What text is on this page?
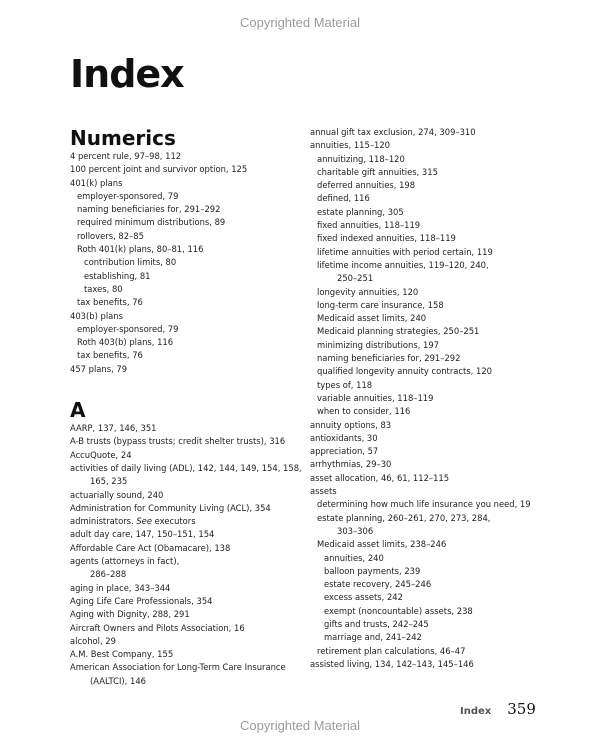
Copyrighted Material
Index
Numerics
4 percent rule, 97–98, 112
100 percent joint and survivor option, 125
401(k) plans
employer-sponsored, 79
naming beneficiaries for, 291–292
required minimum distributions, 89
rollovers, 82–85
Roth 401(k) plans, 80–81, 116
contribution limits, 80
establishing, 81
taxes, 80
tax benefits, 76
403(b) plans
employer-sponsored, 79
Roth 403(b) plans, 116
tax benefits, 76
457 plans, 79
A
AARP, 137, 146, 351
A-B trusts (bypass trusts; credit shelter trusts), 316
AccuQuote, 24
activities of daily living (ADL), 142, 144, 149, 154, 158,
165, 235
actuarially sound, 240
Administration for Community Living (ACL), 354
administrators. See executors
adult day care, 147, 150–151, 154
Affordable Care Act (Obamacare), 138
agents (attorneys in fact),
286–288
aging in place, 343–344
Aging Life Care Professionals, 354
Aging with Dignity, 288, 291
Aircraft Owners and Pilots Association, 16
alcohol, 29
A.M. Best Company, 155
American Association for Long-Term Care Insurance
(AALTCI), 146
annual gift tax exclusion, 274, 309–310
annuities, 115–120
annuitizing, 118–120
charitable gift annuities, 315
deferred annuities, 198
defined, 116
estate planning, 305
fixed annuities, 118–119
fixed indexed annuities, 118–119
lifetime annuities with period certain, 119
lifetime income annuities, 119–120, 240,
250–251
longevity annuities, 120
long-term care insurance, 158
Medicaid asset limits, 240
Medicaid planning strategies, 250–251
minimizing distributions, 197
naming beneficiaries for, 291–292
qualified longevity annuity contracts, 120
types of, 118
variable annuities, 118–119
when to consider, 116
annuity options, 83
antioxidants, 30
appreciation, 57
arrhythmias, 29–30
asset allocation, 46, 61, 112–115
assets
determining how much life insurance you need, 19
estate planning, 260–261, 270, 273, 284,
303–306
Medicaid asset limits, 238–246
annuities, 240
balloon payments, 239
estate recovery, 245–246
excess assets, 242
exempt (noncountable) assets, 238
gifts and trusts, 242–245
marriage and, 241–242
retirement plan calculations, 46–47
assisted living, 134, 142–143, 145–146
Index 359
Copyrighted Material
